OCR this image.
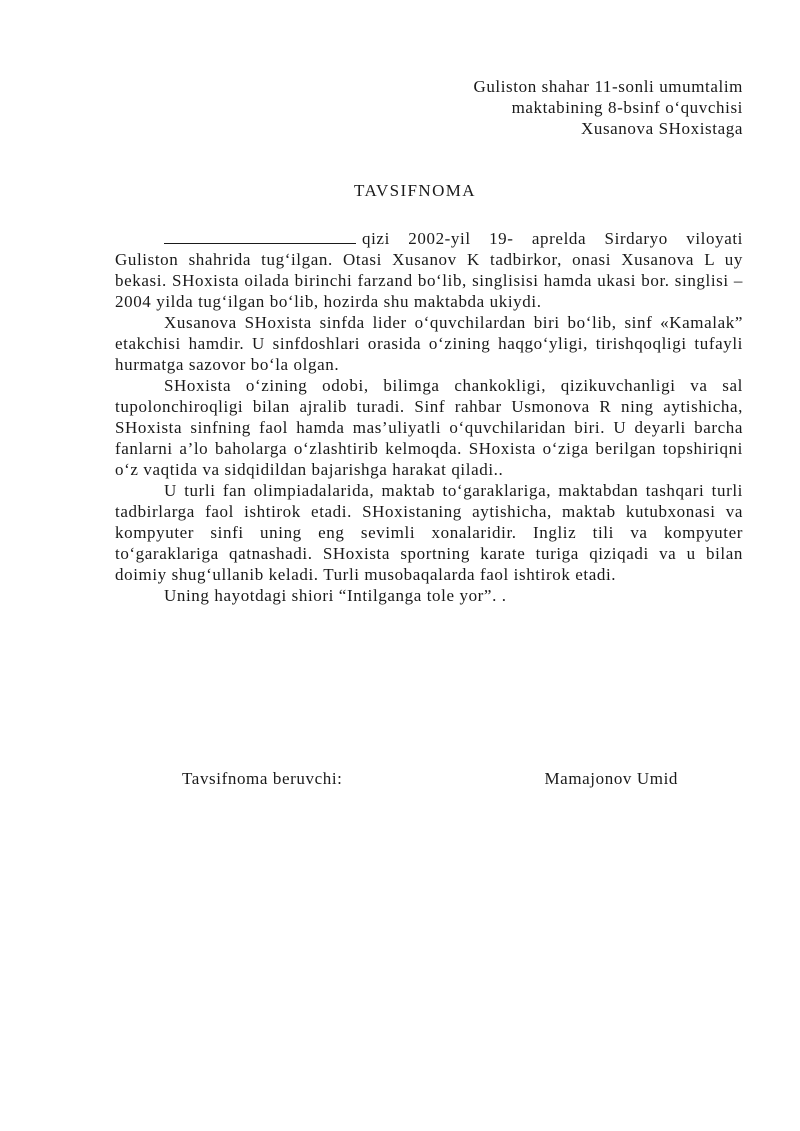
Guliston shahar 11-sonli umumtalim
maktabining 8-bsinf o‘quvchisi
Xusanova SHoxistaga
TAVSIFNOMA

qizi 2002-yil 19- aprelda Sirdaryo viloyati Guliston shahrida tug‘ilgan. Otasi Xusanov K tadbirkor, onasi Xusanova L uy bekasi. SHoxista oilada birinchi farzand bo‘lib, singlisisi hamda ukasi bor. singlisi –2004 yilda tug‘ilgan bo‘lib, hozirda shu maktabda ukiydi.

Xusanova SHoxista sinfda lider o‘quvchilardan biri bo‘lib, sinf «Kamalak” etakchisi hamdir. U sinfdoshlari orasida o‘zining haqgo‘yligi, tirishqoqligi tufayli hurmatga sazovor bo‘la olgan.

SHoxista o‘zining odobi, bilimga chankokligi, qizikuvchanligi va sal tupolonchiroqligi bilan ajralib turadi. Sinf rahbar Usmonova R ning aytishicha, SHoxista sinfning faol hamda mas’uliyatli o‘quvchilaridan biri. U deyarli barcha fanlarni a’lo baholarga o‘zlashtirib kelmoqda. SHoxista o‘ziga berilgan topshiriqni o‘z vaqtida va sidqidildan bajarishga harakat qiladi..

U turli fan olimpiadalarida, maktab to‘garaklariga, maktabdan tashqari turli tadbirlarga faol ishtirok etadi. SHoxistaning aytishicha, maktab kutubxonasi va kompyuter sinfi uning eng sevimli xonalaridir. Ingliz tili va kompyuter to‘garaklariga qatnashadi. SHoxista sportning karate turiga qiziqadi va u bilan doimiy shug‘ullanib keladi. Turli musobaqalarda faol ishtirok etadi.

Uning hayotdagi shiori “Intilganga tole yor”. .

Tavsifnoma beruvchi:	Mamajonov Umid
